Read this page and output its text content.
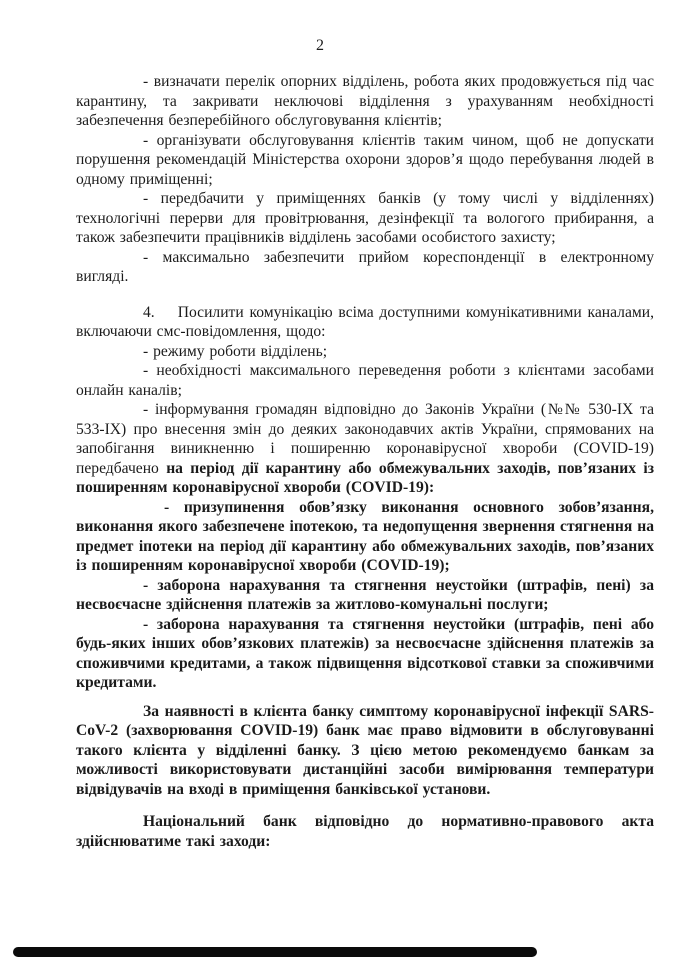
2

- визначати перелік опорних відділень, робота яких продовжується під час карантину, та закривати неключові відділення з урахуванням необхідності забезпечення безперебійного обслуговування клієнтів;

- організувати обслуговування клієнтів таким чином, щоб не допускати порушення рекомендацій Міністерства охорони здоров’я щодо перебування людей в одному приміщенні;

- передбачити у приміщеннях банків (у тому числі у відділеннях) технологічні перерви для провітрювання, дезінфекції та вологого прибирання, а також забезпечити працівників відділень засобами особистого захисту;

- максимально забезпечити прийом кореспонденції в електронному вигляді.

4.    Посилити комунікацію всіма доступними комунікативними каналами, включаючи смс-повідомлення, щодо:

- режиму роботи відділень;

- необхідності максимального переведення роботи з клієнтами засобами онлайн каналів;

- інформування громадян відповідно до Законів України (№№ 530-IX та 533-IX) про внесення змін до деяких законодавчих актів України, спрямованих на запобігання виникненню і поширенню коронавірусної хвороби (COVID-19) передбачено на період дії карантину або обмежувальних заходів, пов’язаних із поширенням коронавірусної хвороби (COVID-19):

- призупинення обов’язку виконання основного зобов’язання, виконання якого забезпечене іпотекою, та недопущення звернення стягнення на предмет іпотеки на період дії карантину або обмежувальних заходів, пов’язаних із поширенням коронавірусної хвороби (COVID-19);

- заборона нарахування та стягнення неустойки (штрафів, пені) за несвоєчасне здійснення платежів за житлово-комунальні послуги;

- заборона нарахування та стягнення неустойки (штрафів, пені або будь-яких інших обов’язкових платежів) за несвоєчасне здійснення платежів за споживчими кредитами, а також підвищення відсоткової ставки за споживчими кредитами.

За наявності в клієнта банку симптому коронавірусної інфекції SARS-CoV-2 (захворювання COVID-19) банк має право відмовити в обслуговуванні такого клієнта у відділенні банку. З цією метою рекомендуємо банкам за можливості використовувати дистанційні засоби вимірювання температури відвідувачів на вході в приміщення банківської установи.

Національний банк відповідно до нормативно-правового акта здійснюватиме такі заходи:
